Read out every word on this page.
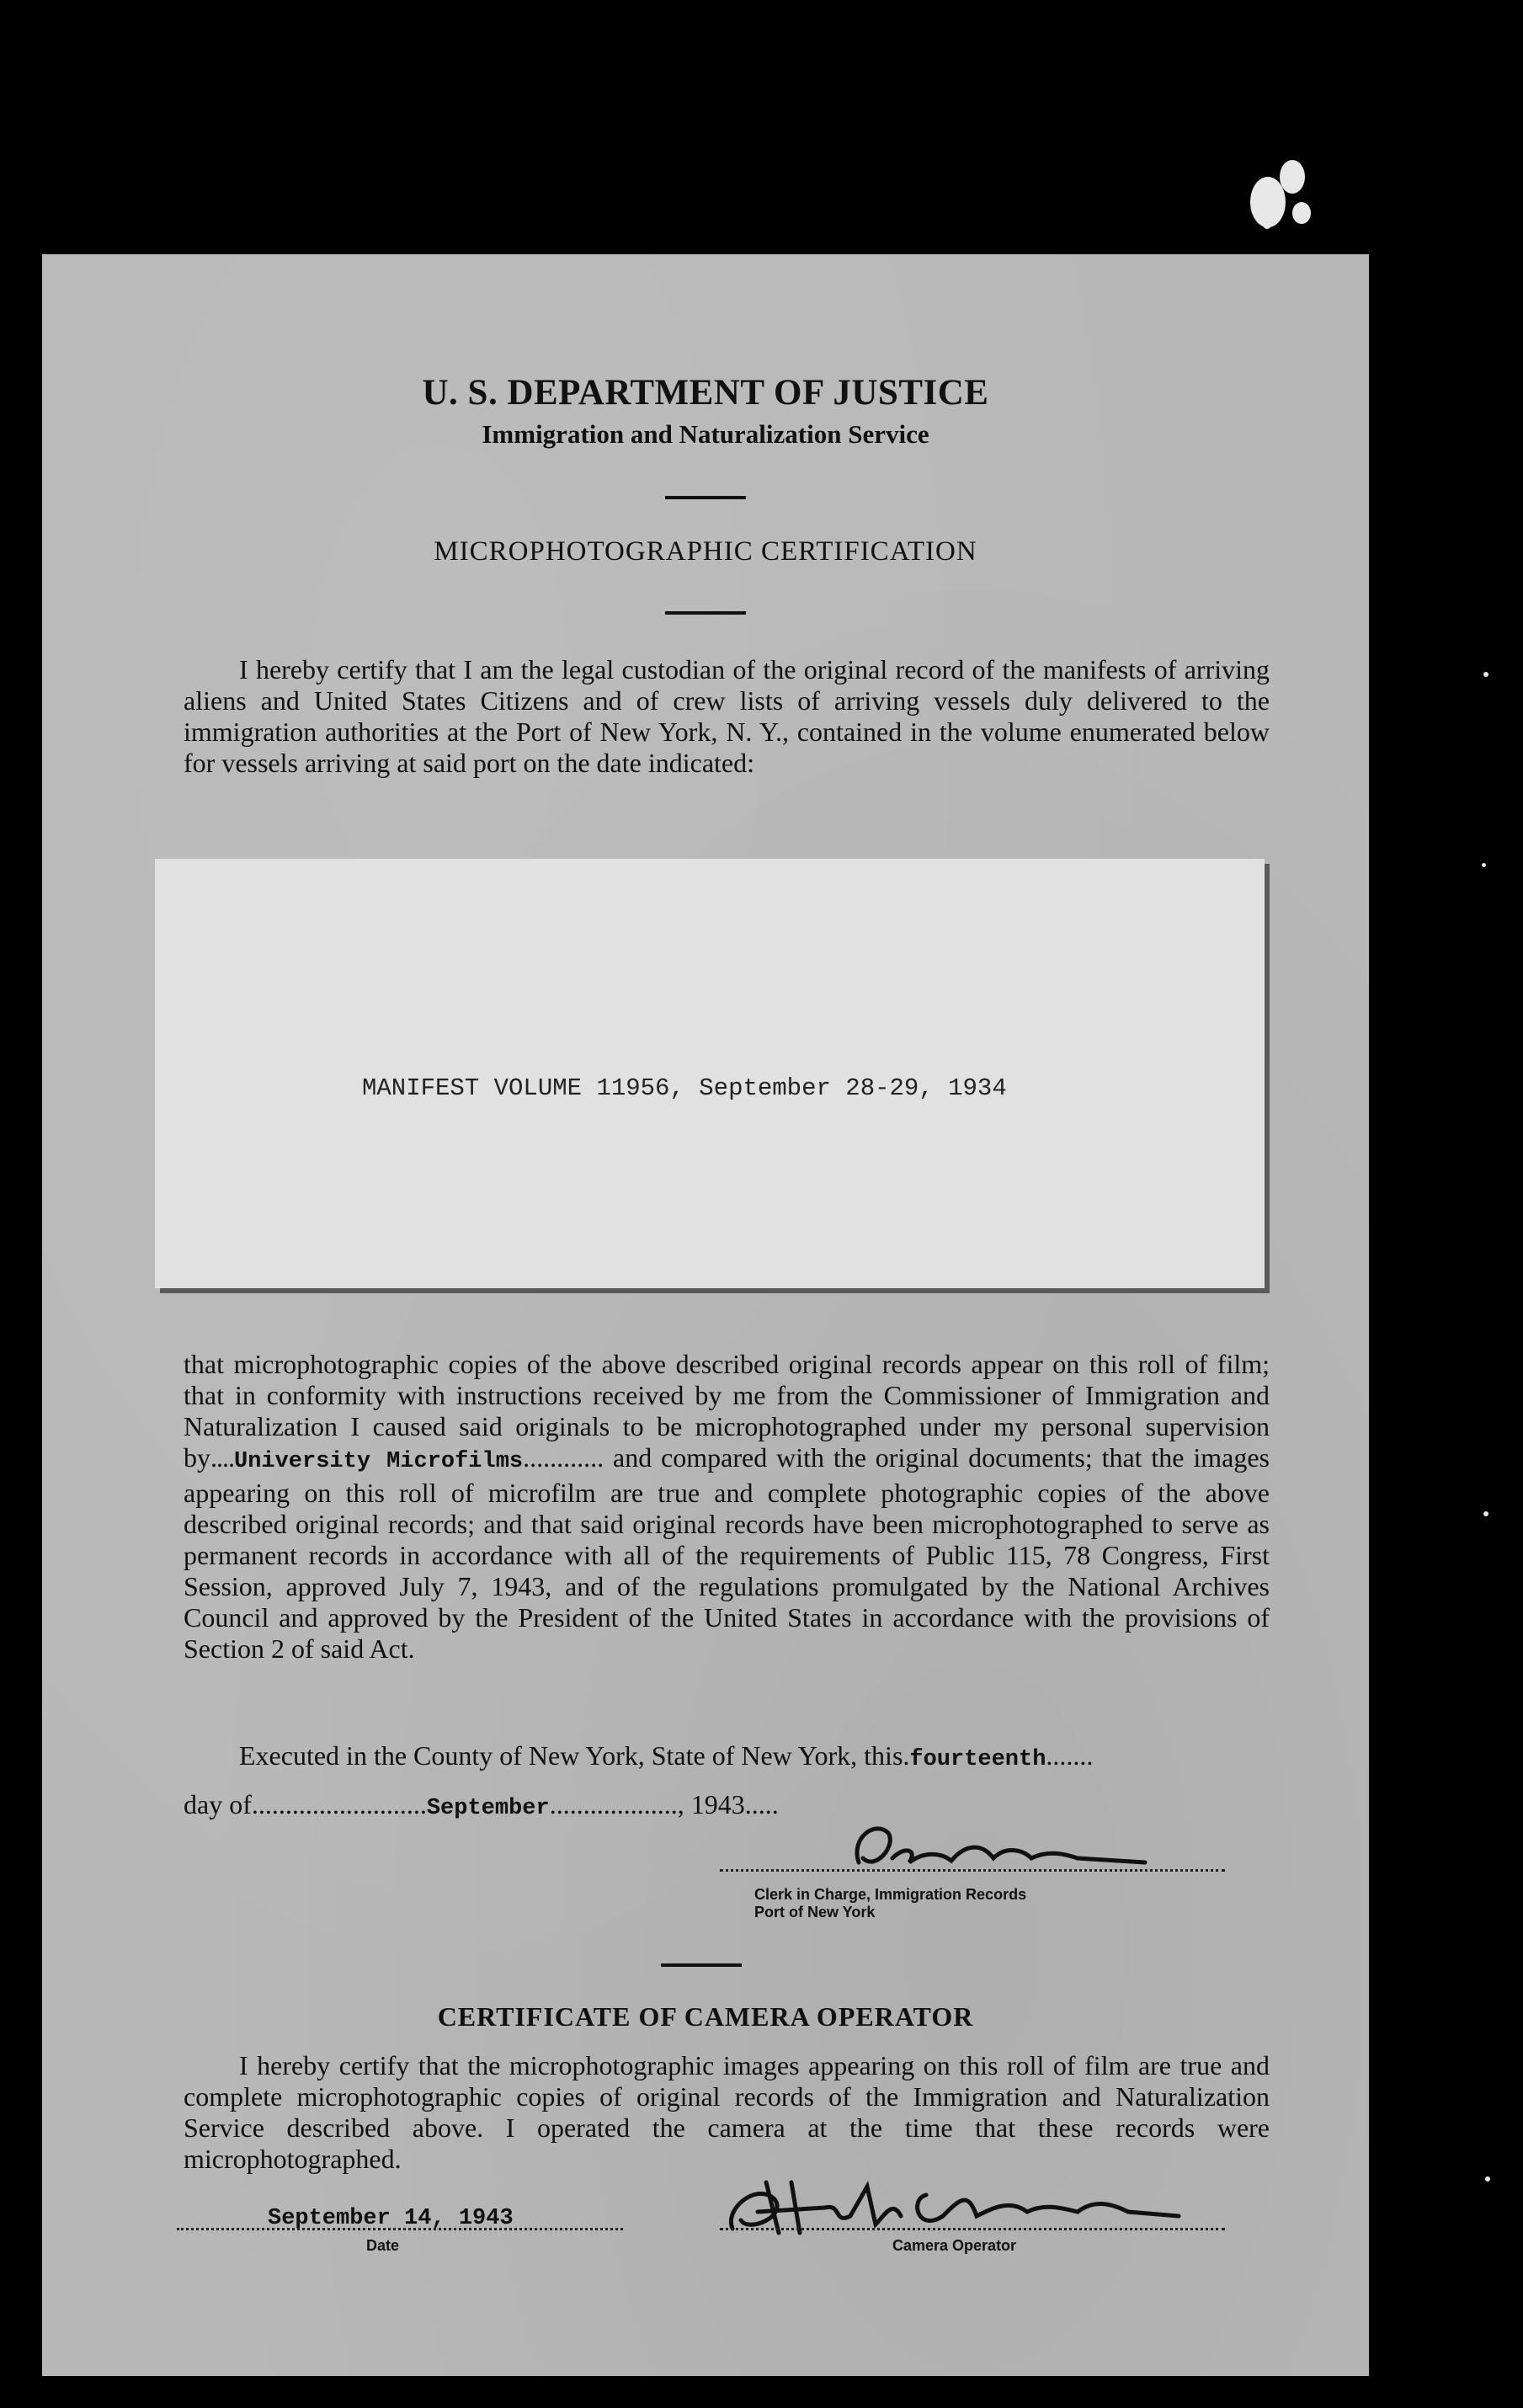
U. S. DEPARTMENT OF JUSTICE
Immigration and Naturalization Service
MICROPHOTOGRAPHIC CERTIFICATION
I hereby certify that I am the legal custodian of the original record of the manifests of arriving aliens and United States Citizens and of crew lists of arriving vessels duly delivered to the immigration authorities at the Port of New York, N. Y., contained in the volume enumerated below for vessels arriving at said port on the date indicated:
MANIFEST VOLUME 11956, September 28-29, 1934
that microphotographic copies of the above described original records appear on this roll of film; that in conformity with instructions received by me from the Commissioner of Immigration and Naturalization I caused said originals to be microphotographed under my personal supervision by....University Microfilms............ and compared with the original documents; that the images appearing on this roll of microfilm are true and complete photographic copies of the above described original records; and that said original records have been microphotographed to serve as permanent records in accordance with all of the requirements of Public 115, 78 Congress, First Session, approved July 7, 1943, and of the regulations promulgated by the National Archives Council and approved by the President of the United States in accordance with the provisions of Section 2 of said Act.
Executed in the County of New York, State of New York, this.fourteenth.......
day of..........................September..................., 1943.....
Clerk in Charge, Immigration Records
Port of New York
CERTIFICATE OF CAMERA OPERATOR
I hereby certify that the microphotographic images appearing on this roll of film are true and complete microphotographic copies of original records of the Immigration and Naturalization Service described above. I operated the camera at the time that these records were microphotographed.
September 14, 1943
Date	Camera Operator
